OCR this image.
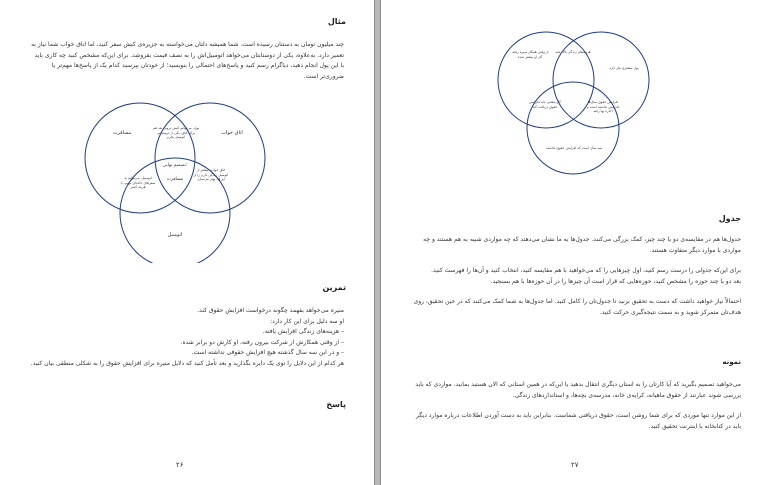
مثال

چند میلیون تومان به دستتان رسیده است. شما همیشه دلتان می‌خواسته به جزیره‌ی کیش سفر کنید، اما اتاق خواب شما نیاز به تعمیر دارد. به‌علاوه، یکی از دوستانتان می‌خواهد اتومبیل‌اش را به نصف قیمت بفروشد. برای این‌که مشخص کنید چه کاری باید با این پول انجام دهید، دیاگرام رسم کنید و پاسخ‌های احتمالی را بنویسید؛ از خودتان بپرسید کدام یک از پاسخ‌ها مهم‌تر یا ضروری‌تر است.

مسافرت	اتاق خواب
اتومبیل
پول، می‌توانم کیش بروم، بعد هم برای اتاق، یکی از دوستانم، اتومبیل بخرم
تصمیم نهایی:
مسافرت
اتومبیل، می‌توانم به سفرهای جاده‌ای بروم، با هزینه کمتر
اتاق خواب: بیشتر از اتومبیل زندگی دارم را از این‌ها، بهتر می‌سازد
تمرین

منیره می‌خواهد بفهمد چگونه درخواست افزایش حقوق کند.

او سه دلیل برای این کار دارد:

– هزینه‌های زندگی افزایش یافته.
– از وقتی همکارش از شرکت بیرون رفته، او کارش دو برابر شده.
– و در این سه سال گذشته هیچ افزایش حقوقی نداشته است.

هر کدام از این دلایل را توی یک دایره بگذارید و بعد تأمل کنید که دلایل منیره برای افزایش حقوق را به شکلی منطقی بیان کنید.

پاسخ
۲۶
از وقتی همکار منیره رفته، کار او بیشتر شده
هزینه‌های زندگی بالا رفته
پول بیشتری نیاز دارد
کار بیشتر، باید افزایش حقوق دریافت کند
افزایش حقوق سال‌ها افزایش نداشته است و اجاره بها رفته
سه سال است که افزایش حقوق نداشته
جدول

جدول‌ها هم در مقایسه‌ی دو یا چند چیز، کمک بزرگی می‌کنند. جدول‌ها به ما نشان می‌دهند که چه مواردی شبیه به هم هستند و چه مواردی با موارد دیگر متفاوت هستند.

برای این‌که جدولی را درست رسم کنید، اول چیزهایی را که می‌خواهید با هم مقایسه کنید، انتخاب کنید و آن‌ها را فهرست کنید.

بعد دو یا چند حوزه را مشخص کنید، حوزه‌هایی که قرار است آن چیزها را در آن حوزه‌ها با هم بسنجید.

احتمالاً نیاز خواهید داشت که دست به تحقیق بزنید تا جدول‌تان را کامل کنید. اما جدول‌ها به شما کمک می‌کنند که در حین تحقیق، روی هدف‌تان متمرکز شوید و به سمت نتیجه‌گیری حرکت کنید.

نمونه

می‌خواهید تصمیم بگیرید که آیا کارتان را به استان دیگری انتقال بدهید یا این‌که در همین استانی که الان هستید بمانید. مواردی که باید بررسی شوند عبارتند از حقوق ماهیانه، کرایه‌ی خانه، مدرسه‌ی بچه‌ها، و استانداردهای زندگی.

از این موارد تنها موردی که برای شما روشن است، حقوق دریافتی شماست. بنابراین باید به دست آوردن اطلاعات درباره موارد دیگر باید در کتابخانه یا اینترنت تحقیق کنید.

۲۷
